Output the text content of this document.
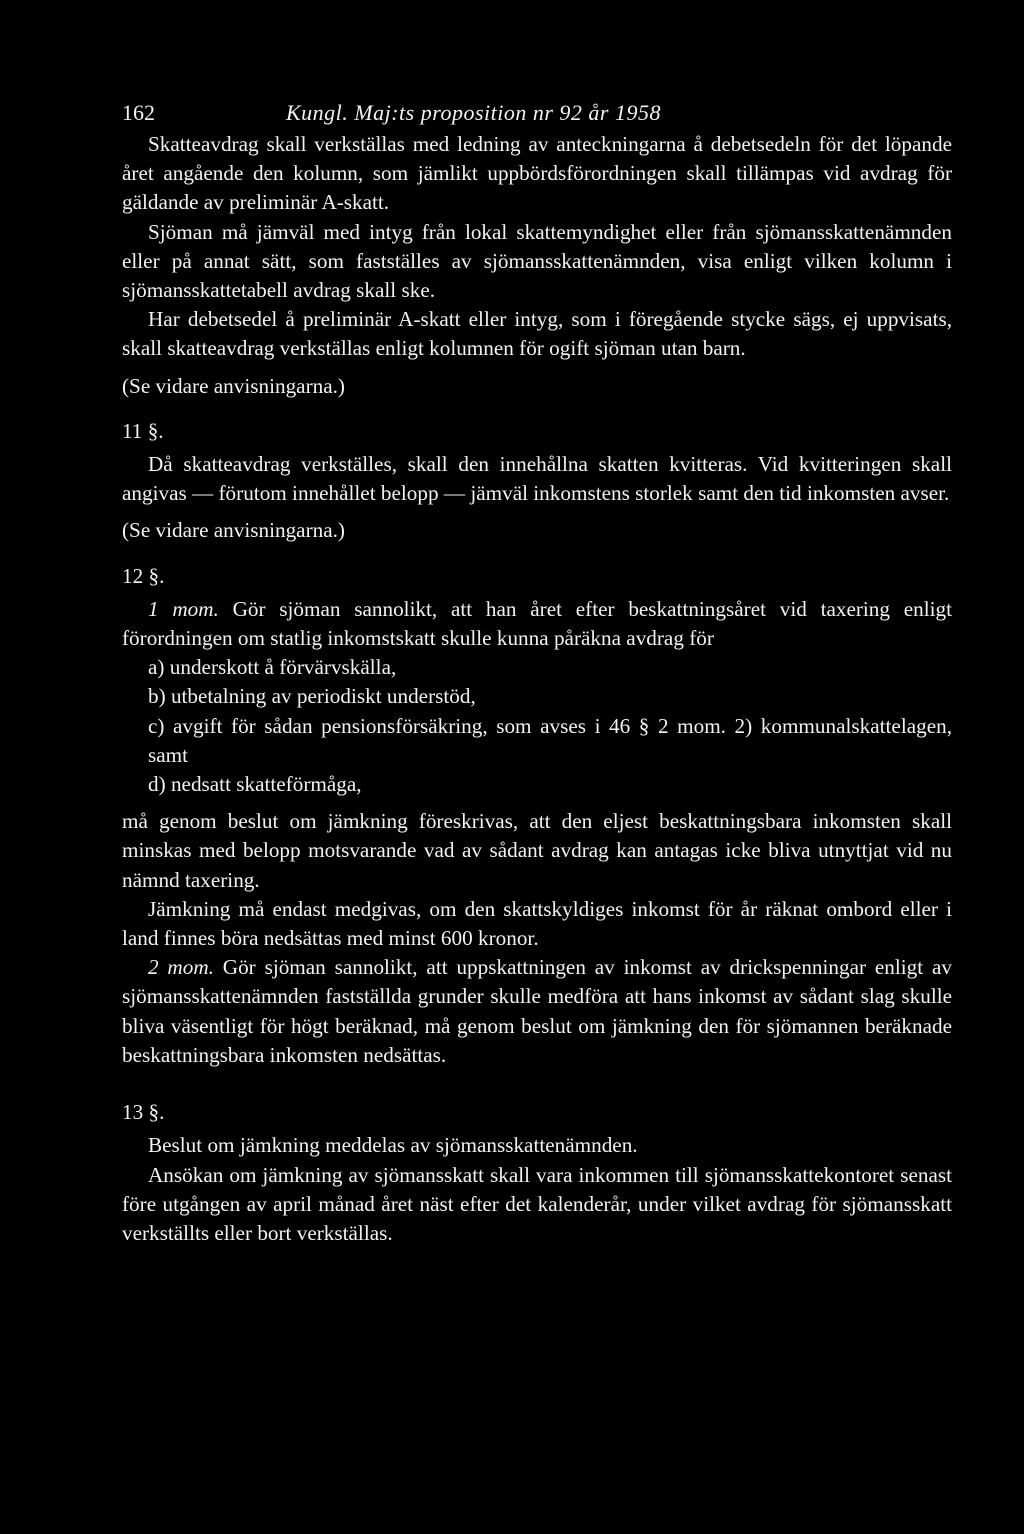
162	Kungl. Maj:ts proposition nr 92 år 1958

Skatteavdrag skall verkställas med ledning av anteckningarna å debetsedeln för det löpande året angående den kolumn, som jämlikt uppbördsförordningen skall tillämpas vid avdrag för gäldande av preliminär A-skatt.

Sjöman må jämväl med intyg från lokal skattemyndighet eller från sjömansskattenämnden eller på annat sätt, som fastställes av sjömansskattenämnden, visa enligt vilken kolumn i sjömansskattetabell avdrag skall ske.

Har debetsedel å preliminär A-skatt eller intyg, som i föregående stycke sägs, ej uppvisats, skall skatteavdrag verkställas enligt kolumnen för ogift sjöman utan barn.

(Se vidare anvisningarna.)

11 §.

Då skatteavdrag verkställes, skall den innehållna skatten kvitteras. Vid kvitteringen skall angivas — förutom innehållet belopp — jämväl inkomstens storlek samt den tid inkomsten avser.

(Se vidare anvisningarna.)

12 §.

1 mom. Gör sjöman sannolikt, att han året efter beskattningsåret vid taxering enligt förordningen om statlig inkomstskatt skulle kunna påräkna avdrag för

a) underskott å förvärvskälla,

b) utbetalning av periodiskt understöd,

c) avgift för sådan pensionsförsäkring, som avses i 46 § 2 mom. 2) kommunalskattelagen, samt

d) nedsatt skatteförmåga,

må genom beslut om jämkning föreskrivas, att den eljest beskattningsbara inkomsten skall minskas med belopp motsvarande vad av sådant avdrag kan antagas icke bliva utnyttjat vid nu nämnd taxering.

Jämkning må endast medgivas, om den skattskyldiges inkomst för år räknat ombord eller i land finnes böra nedsättas med minst 600 kronor.

2 mom. Gör sjöman sannolikt, att uppskattningen av inkomst av drickspenningar enligt av sjömansskattenämnden fastställda grunder skulle medföra att hans inkomst av sådant slag skulle bliva väsentligt för högt beräknad, må genom beslut om jämkning den för sjömannen beräknade beskattningsbara inkomsten nedsättas.

13 §.

Beslut om jämkning meddelas av sjömansskattenämnden.

Ansökan om jämkning av sjömansskatt skall vara inkommen till sjömansskattekontoret senast före utgången av april månad året näst efter det kalenderår, under vilket avdrag för sjömansskatt verkställts eller bort verkställas.
